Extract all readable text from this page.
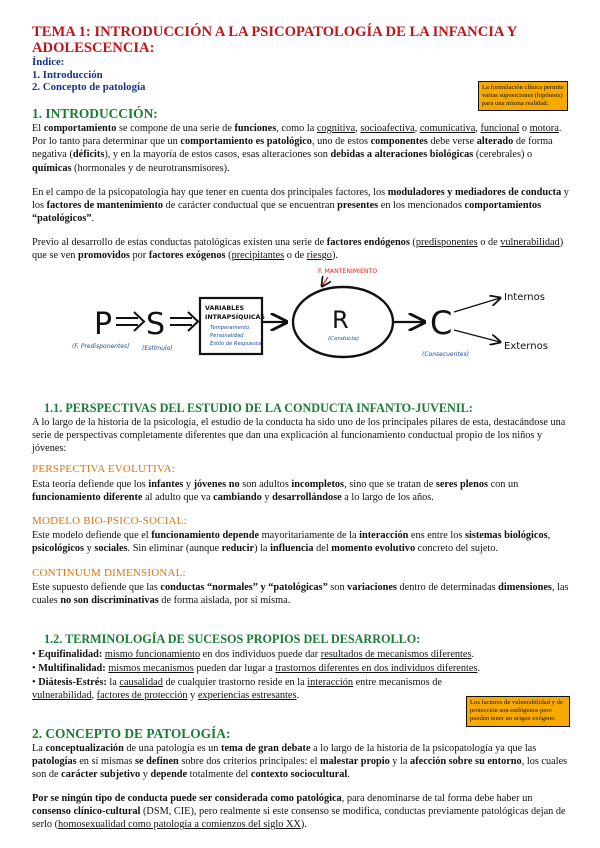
TEMA 1: INTRODUCCIÓN A LA PSICOPATOLOGÍA DE LA INFANCIA Y

ADOLESCENCIA:

Índice:

1. Introducción

2. Concepto de patología	La formulación clínica permite varias suposiciones (hipótesis) para una misma realidad.

1. INTRODUCCIÓN:

El comportamiento se compone de una serie de funciones, como la cognitiva, socioafectiva, comunicativa, funcional o motora. Por lo tanto para determinar que un comportamiento es patológico, uno de estos componentes debe verse alterado de forma negativa (déficits), y en la mayoría de estos casos, esas alteraciones son debidas a alteraciones biológicas (cerebrales) o químicas (hormonales y de neurotransmisores).

En el campo de la psicopatología hay que tener en cuenta dos principales factores, los moduladores y mediadores de conducta y los factores de mantenimiento de carácter conductual que se encuentran presentes en los mencionados comportamientos “patológicos”.

Previo al desarrollo de estas conductas patológicas existen una serie de factores endógenos (predisponentes o de vulnerabilidad) que se ven promovidos por factores exógenos (precipitantes o de riesgo).

P
(F. Predisponentes)
S
(Estímulo)
VARIABLES
INTRAPSÍQUICAS
Temperamento
Personalidad
Estilo de Respuesta
R
(Conducta)
F. MANTENIMIENTO
C
(Consecuentes)
Internos
Externos

1.1. PERSPECTIVAS DEL ESTUDIO DE LA CONDUCTA INFANTO-JUVENIL:

A lo largo de la historia de la psicología, el estudio de la conducta ha sido uno de los principales pilares de esta, destacándose una serie de perspectivas completamente diferentes que dan una explicación al funcionamiento conductual propio de los niños y jóvenes:

PERSPECTIVA EVOLUTIVA:

Esta teoría defiende que los infantes y jóvenes no son adultos incompletos, sino que se tratan de seres plenos con un funcionamiento diferente al adulto que va cambiando y desarrollándose a lo largo de los años.

MODELO BIO-PSICO-SOCIAL:

Este modelo defiende que el funcionamiento depende mayoritariamente de la interacción ens entre los sistemas biológicos, psicológicos y sociales. Sin eliminar (aunque reducir) la influencia del momento evolutivo concreto del sujeto.

CONTINUUM DIMENSIONAL:

Este supuesto defiende que las conductas “normales” y “patológicas” son variaciones dentro de determinadas dimensiones, las cuales no son discriminativas de forma aislada, por sí misma.

1.2. TERMINOLOGÍA DE SUCESOS PROPIOS DEL DESARROLLO:

• Equifinalidad: mismo funcionamiento en dos individuos puede dar resultados de mecanismos diferentes.

• Multifinalidad: mismos mecanismos pueden dar lugar a trastornos diferentes en dos individuos diferentes.

• Diátesis-Estrés: la causalidad de cualquier trastorno reside en la interacción entre mecanismos de vulnerabilidad, factores de protección y experiencias estresantes.

Los factores de vulnerabilidad y de protección son endógenos pero pueden tener un origen exógeno

2. CONCEPTO DE PATOLOGÍA:

La conceptualización de una patología es un tema de gran debate a lo largo de la historia de la psicopatología ya que las patologías en sí mismas se definen sobre dos criterios principales: el malestar propio y la afección sobre su entorno, los cuales son de carácter subjetivo y depende totalmente del contexto sociocultural.

Por se ningún tipo de conducta puede ser considerada como patológica, para denominarse de tal forma debe haber un consenso clínico-cultural (DSM, CIE), pero realmente si este consenso se modifica, conductas previamente patológicas dejan de serlo (homosexualidad como patología a comienzos del siglo XX).
